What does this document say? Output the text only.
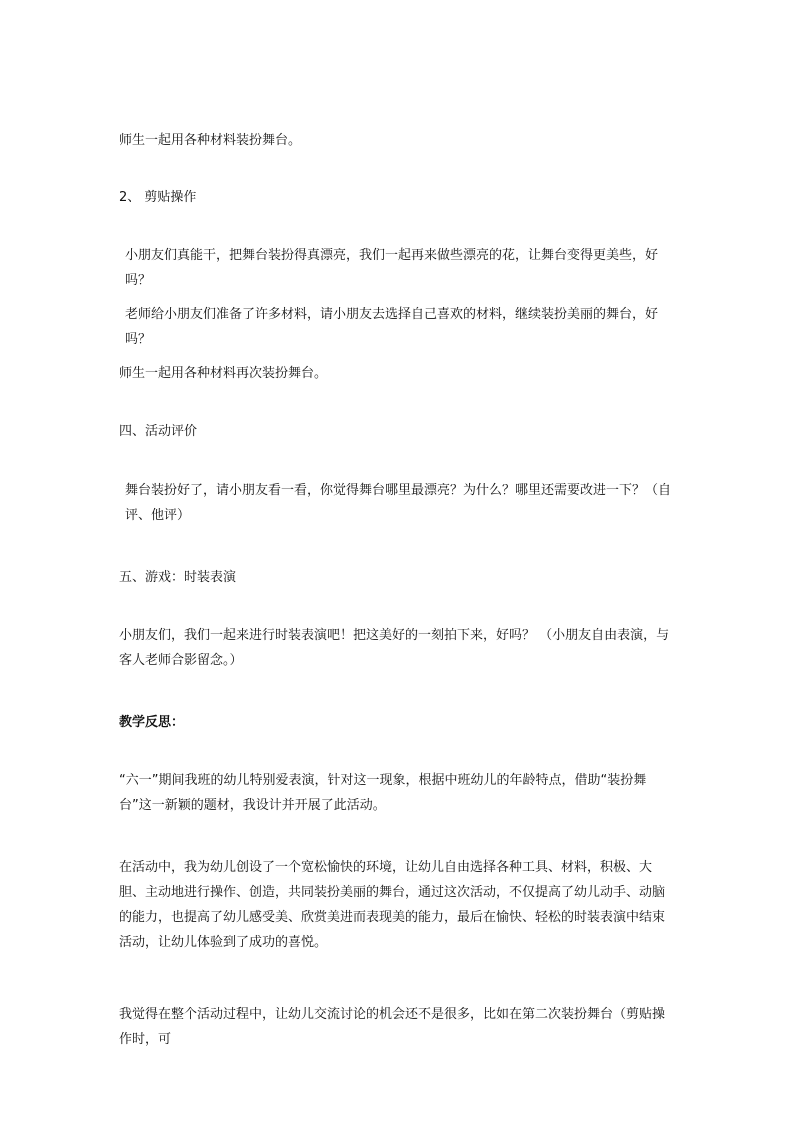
师生一起用各种材料装扮舞台。

2、 剪贴操作

小朋友们真能干，把舞台装扮得真漂亮，我们一起再来做些漂亮的花，让舞台变得更美些，好吗？

老师给小朋友们准备了许多材料，请小朋友去选择自己喜欢的材料，继续装扮美丽的舞台，好吗？

师生一起用各种材料再次装扮舞台。

四、活动评价

舞台装扮好了，请小朋友看一看，你觉得舞台哪里最漂亮？为什么？哪里还需要改进一下？（自评、他评）

五、游戏：时装表演

小朋友们，我们一起来进行时装表演吧！把这美好的一刻拍下来，好吗？ （小朋友自由表演，与客人老师合影留念。）

教学反思：

“六一”期间我班的幼儿特别爱表演，针对这一现象，根据中班幼儿的年龄特点，借助“装扮舞台”这一新颖的题材，我设计并开展了此活动。

在活动中，我为幼儿创设了一个宽松愉快的环境，让幼儿自由选择各种工具、材料，积极、大胆、主动地进行操作、创造，共同装扮美丽的舞台，通过这次活动，不仅提高了幼儿动手、动脑的能力，也提高了幼儿感受美、欣赏美进而表现美的能力，最后在愉快、轻松的时装表演中结束活动，让幼儿体验到了成功的喜悦。

我觉得在整个活动过程中，让幼儿交流讨论的机会还不是很多，比如在第二次装扮舞台（剪贴操作时，可
